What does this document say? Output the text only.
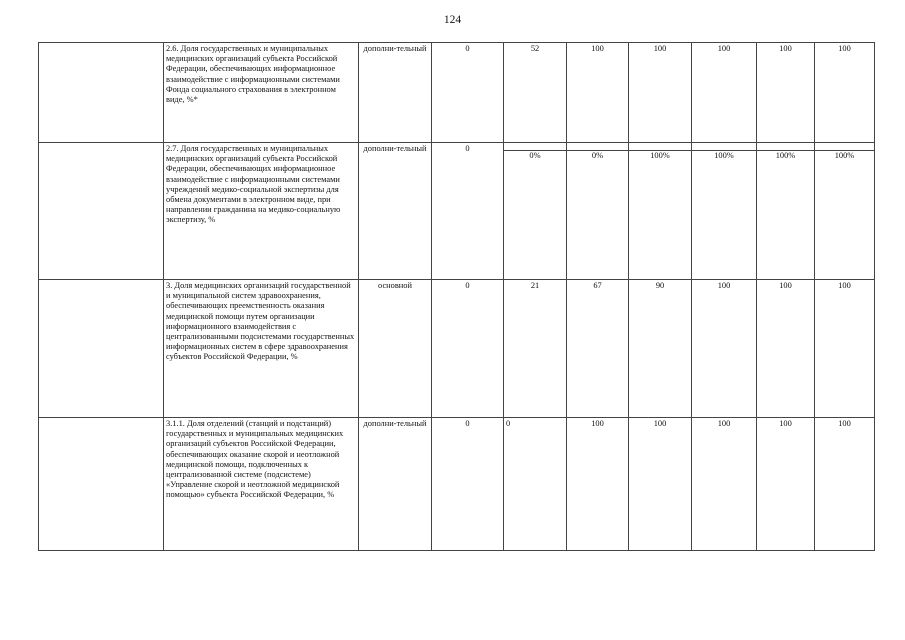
124
	2.6. Доля государственных и муниципальных медицинских организаций субъекта Российской Федерации, обеспечивающих информационное взаимодействие с информационными системами Фонда социального страхования в электронном виде, %*	дополни-тельный	0	52	100	100	100	100	100
	2.7. Доля государственных и муниципальных медицинских организаций субъекта Российской Федерации, обеспечивающих информационное взаимодействие с информационными системами учреждений медико-социальной экспертизы для обмена документами в электронном виде, при направлении гражданина на медико-социальную экспертизу, %	дополни-тельный	0	0%	0%	100%	100%	100%	100%

	3. Доля медицинских организаций государственной и муниципальной систем здравоохранения, обеспечивающих преемственность оказания медицинской помощи путем организации информационного взаимодействия с централизованными подсистемами государственных информационных систем в сфере здравоохранения субъектов Российской Федерации, %	основной	0	21	67	90	100	100	100
	3.1.1. Доля отделений (станций и подстанций) государственных и муниципальных медицинских организаций субъектов Российской Федерации, обеспечивающих оказание скорой и неотложной медицинской помощи, подключенных к централизованной системе (подсистеме) «Управление скорой и неотложной медицинской помощью» субъекта Российской Федерации, %	дополни-тельный	0	0	100	100	100	100	100
